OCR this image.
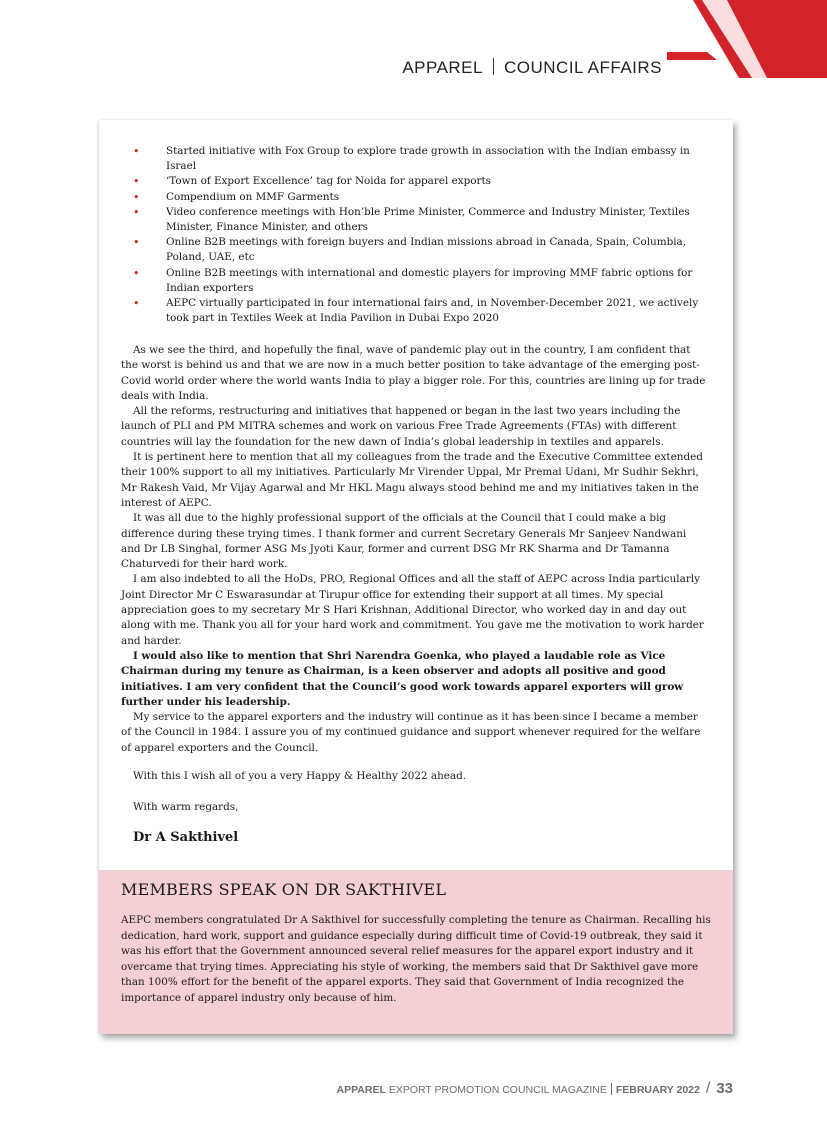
APPAREL COUNCIL AFFAIRS
•	Started initiative with Fox Group to explore trade growth in association with the Indian embassy in Israel
•	‘Town of Export Excellence’ tag for Noida for apparel exports
•	Compendium on MMF Garments
•	Video conference meetings with Hon’ble Prime Minister, Commerce and Industry Minister, Textiles Minister, Finance Minister, and others
•	Online B2B meetings with foreign buyers and Indian missions abroad in Canada, Spain, Columbia, Poland, UAE, etc
•	Online B2B meetings with international and domestic players for improving MMF fabric options for Indian exporters
•	AEPC virtually participated in four international fairs and, in November-December 2021, we actively took part in Textiles Week at India Pavilion in Dubai Expo 2020

As we see the third, and hopefully the final, wave of pandemic play out in the country, I am confident that the worst is behind us and that we are now in a much better position to take advantage of the emerging post-Covid world order where the world wants India to play a bigger role. For this, countries are lining up for trade deals with India.

All the reforms, restructuring and initiatives that happened or began in the last two years including the launch of PLI and PM MITRA schemes and work on various Free Trade Agreements (FTAs) with different countries will lay the foundation for the new dawn of India’s global leadership in textiles and apparels.

It is pertinent here to mention that all my colleagues from the trade and the Executive Committee extended their 100% support to all my initiatives. Particularly Mr Virender Uppal, Mr Premal Udani, Mr Sudhir Sekhri, Mr Rakesh Vaid, Mr Vijay Agarwal and Mr HKL Magu always stood behind me and my initiatives taken in the interest of AEPC.

It was all due to the highly professional support of the officials at the Council that I could make a big difference during these trying times. I thank former and current Secretary Generals Mr Sanjeev Nandwani and Dr LB Singhal, former ASG Ms Jyoti Kaur, former and current DSG Mr RK Sharma and Dr Tamanna Chaturvedi for their hard work.

I am also indebted to all the HoDs, PRO, Regional Offices and all the staff of AEPC across India particularly Joint Director Mr C Eswarasundar at Tirupur office for extending their support at all times. My special appreciation goes to my secretary Mr S Hari Krishnan, Additional Director, who worked day in and day out along with me. Thank you all for your hard work and commitment. You gave me the motivation to work harder and harder.

I would also like to mention that Shri Narendra Goenka, who played a laudable role as Vice Chairman during my tenure as Chairman, is a keen observer and adopts all positive and good initiatives. I am very confident that the Council’s good work towards apparel exporters will grow further under his leadership.

My service to the apparel exporters and the industry will continue as it has been since I became a member of the Council in 1984. I assure you of my continued guidance and support whenever required for the welfare of apparel exporters and the Council.

With this I wish all of you a very Happy & Healthy 2022 ahead.
With warm regards,
Dr A Sakthivel
MEMBERS SPEAK ON DR SAKTHIVEL

AEPC members congratulated Dr A Sakthivel for successfully completing the tenure as Chairman. Recalling his dedication, hard work, support and guidance especially during difficult time of Covid-19 outbreak, they said it was his effort that the Government announced several relief measures for the apparel export industry and it overcame that trying times. Appreciating his style of working, the members said that Dr Sakthivel gave more than 100% effort for the benefit of the apparel exports. They said that Government of India recognized the importance of apparel industry only because of him.

APPAREL EXPORT PROMOTION COUNCIL MAGAZINE FEBRUARY 2022 / 33
